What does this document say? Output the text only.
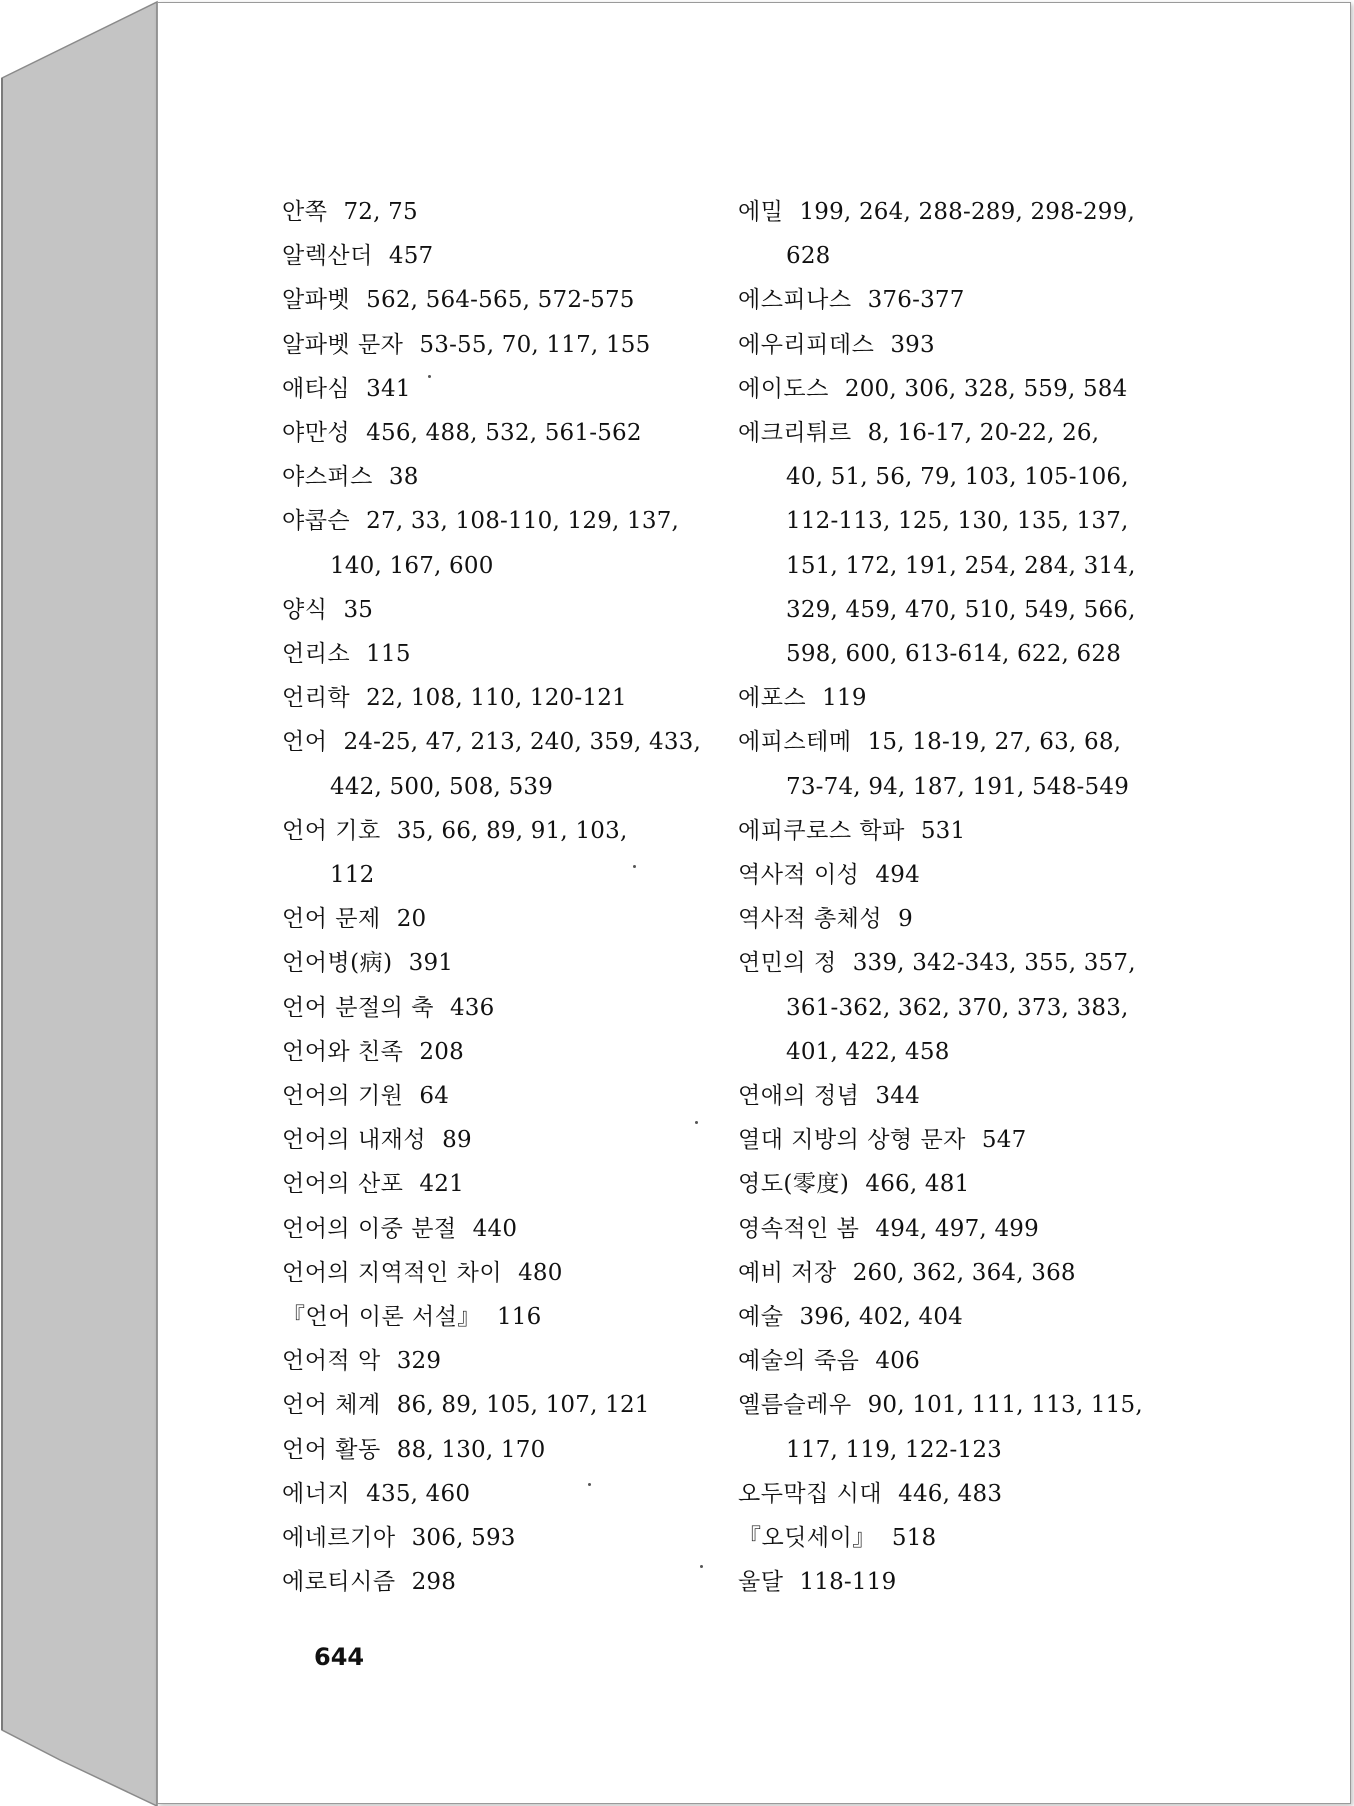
안쪽 72, 75
알렉산더 457
알파벳 562, 564-565, 572-575
알파벳 문자 53-55, 70, 117, 155
애타심 341
야만성 456, 488, 532, 561-562
야스퍼스 38
야콥슨 27, 33, 108-110, 129, 137,
140, 167, 600
양식 35
언리소 115
언리학 22, 108, 110, 120-121
언어 24-25, 47, 213, 240, 359, 433,
442, 500, 508, 539
언어 기호 35, 66, 89, 91, 103,
112
언어 문제 20
언어병(病) 391
언어 분절의 축 436
언어와 친족 208
언어의 기원 64
언어의 내재성 89
언어의 산포 421
언어의 이중 분절 440
언어의 지역적인 차이 480
『언어 이론 서설』 116
언어적 악 329
언어 체계 86, 89, 105, 107, 121
언어 활동 88, 130, 170
에너지 435, 460
에네르기아 306, 593
에로티시즘 298
에밀 199, 264, 288-289, 298-299,
628
에스피나스 376-377
에우리피데스 393
에이도스 200, 306, 328, 559, 584
에크리튀르 8, 16-17, 20-22, 26,
40, 51, 56, 79, 103, 105-106,
112-113, 125, 130, 135, 137,
151, 172, 191, 254, 284, 314,
329, 459, 470, 510, 549, 566,
598, 600, 613-614, 622, 628
에포스 119
에피스테메 15, 18-19, 27, 63, 68,
73-74, 94, 187, 191, 548-549
에피쿠로스 학파 531
역사적 이성 494
역사적 총체성 9
연민의 정 339, 342-343, 355, 357,
361-362, 362, 370, 373, 383,
401, 422, 458
연애의 정념 344
열대 지방의 상형 문자 547
영도(零度) 466, 481
영속적인 봄 494, 497, 499
예비 저장 260, 362, 364, 368
예술 396, 402, 404
예술의 죽음 406
옐름슬레우 90, 101, 111, 113, 115,
117, 119, 122-123
오두막집 시대 446, 483
『오딧세이』 518
울달 118-119
644
